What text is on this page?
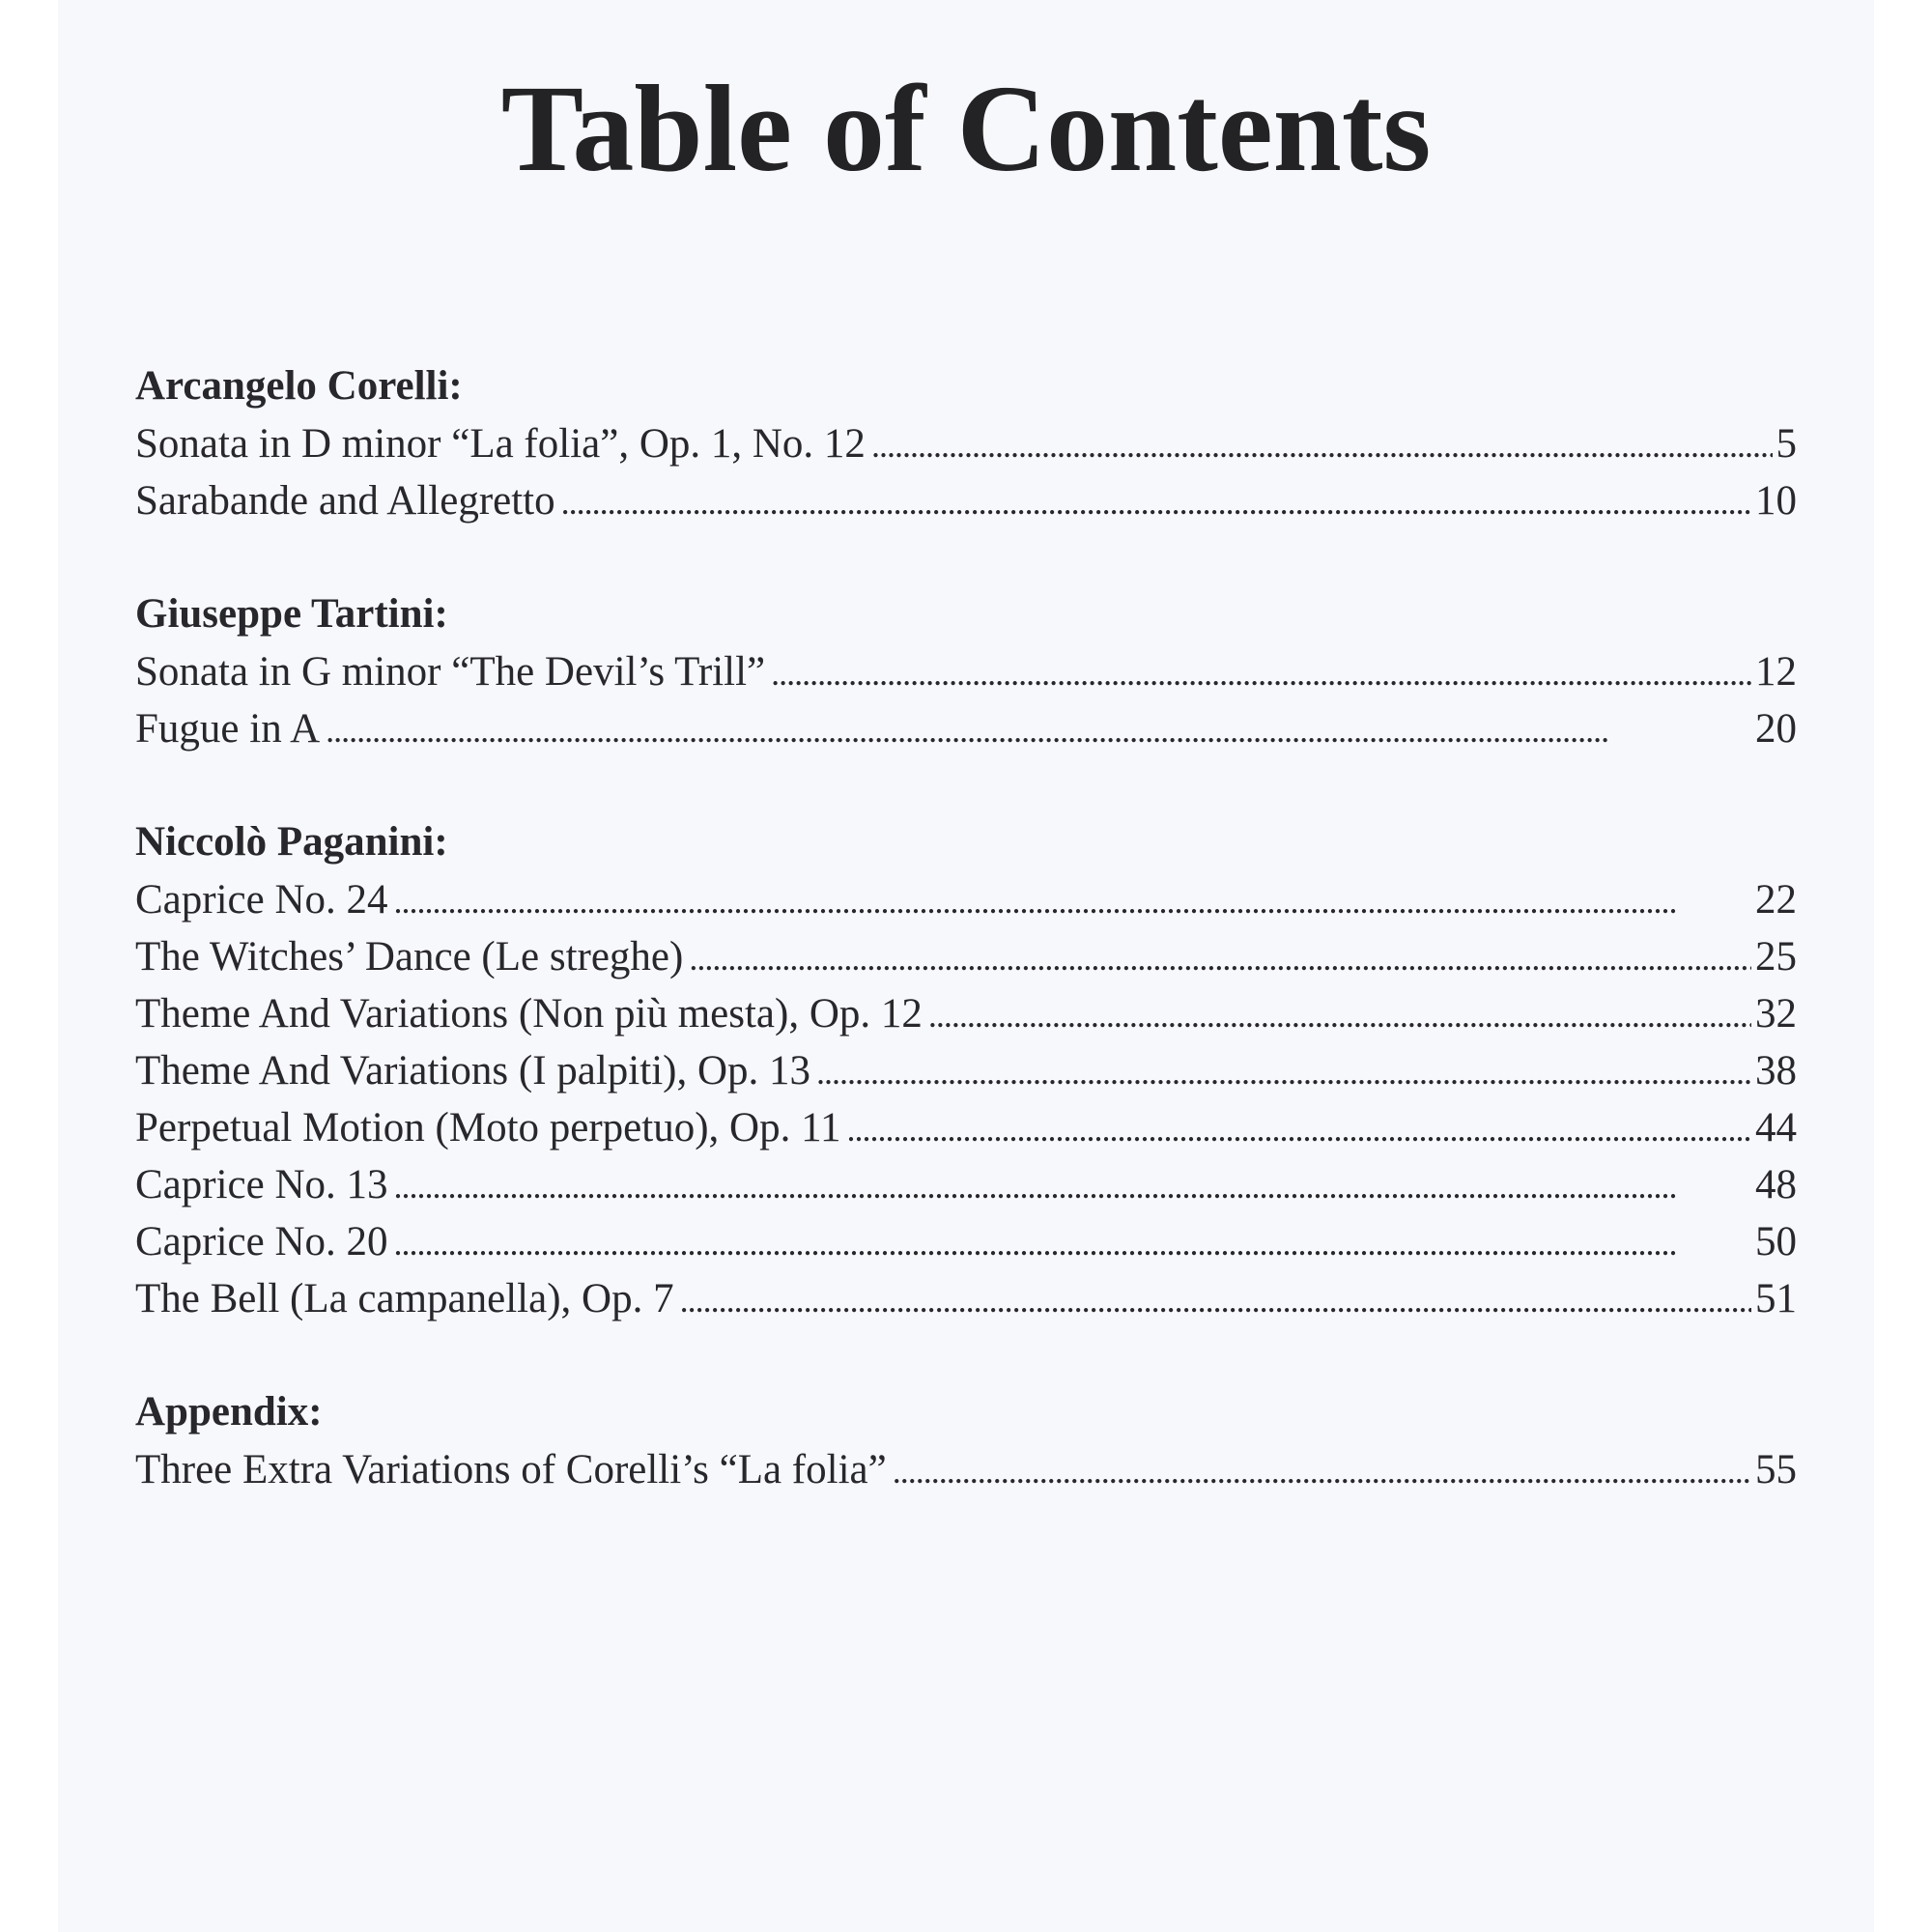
Table of Contents
Arcangelo Corelli:
Sonata in D minor “La folia”, Op. 1, No. 12 . . .	5
Sarabande and Allegretto . . .	10
Giuseppe Tartini:
Sonata in G minor “The Devil’s Trill” . . .	12
Fugue in A . . .	20
Niccolò Paganini:
Caprice No. 24 . . .	22
The Witches’ Dance (Le streghe) . . .	25
Theme And Variations (Non più mesta), Op. 12 . . .	32
Theme And Variations (I palpiti), Op. 13 . . .	38
Perpetual Motion (Moto perpetuo), Op. 11 . . .	44
Caprice No. 13 . . .	48
Caprice No. 20 . . .	50
The Bell (La campanella), Op. 7 . . .	51
Appendix:
Three Extra Variations of Corelli’s “La folia” . . .	55
